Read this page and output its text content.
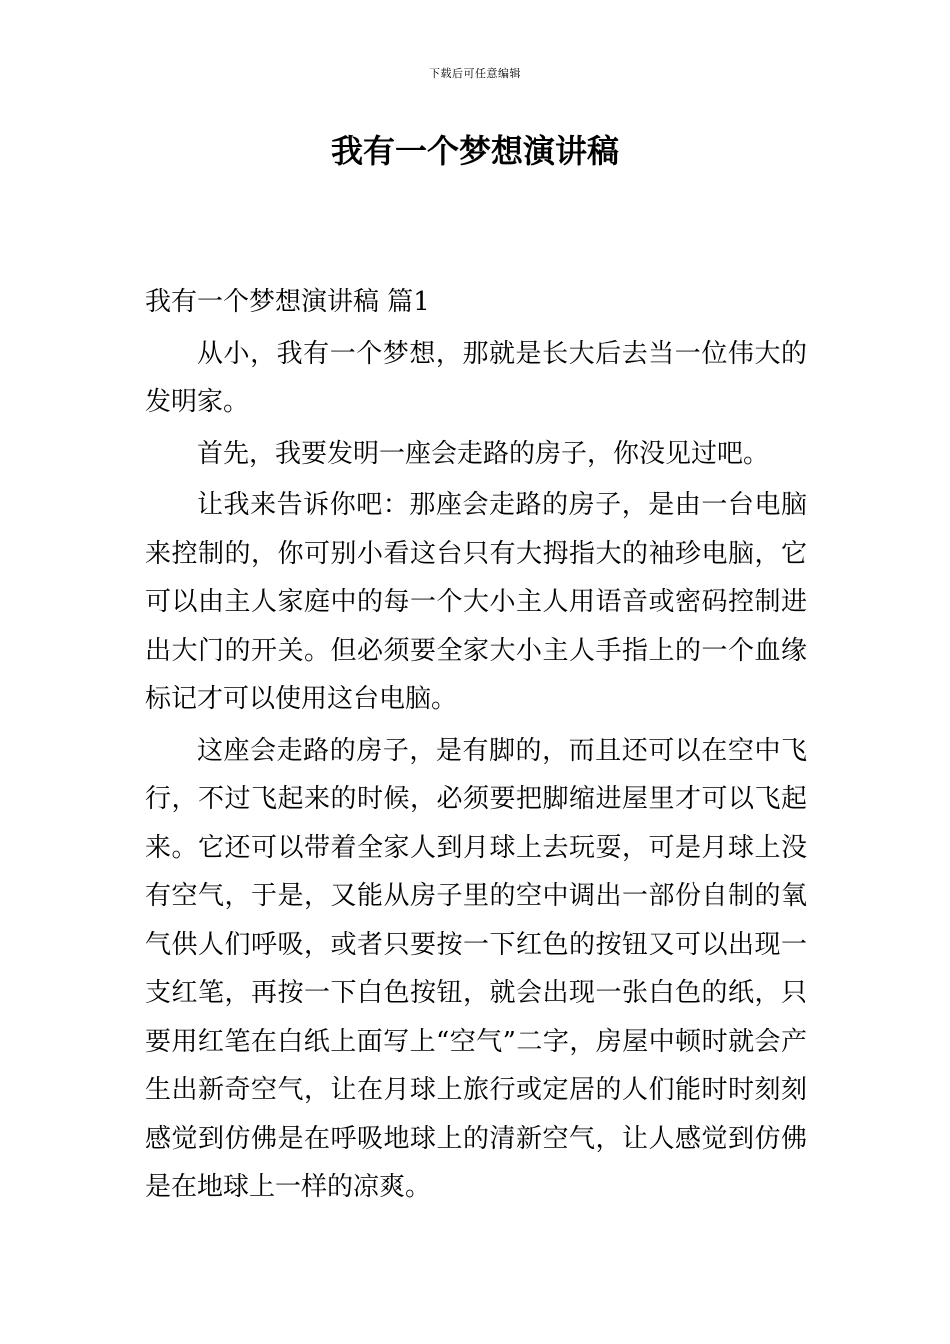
下载后可任意编辑
我有一个梦想演讲稿

我有一个梦想演讲稿 篇1

从小，我有一个梦想，那就是长大后去当一位伟大的发明家。

首先，我要发明一座会走路的房子，你没见过吧。

让我来告诉你吧：那座会走路的房子，是由一台电脑来控制的，你可别小看这台只有大拇指大的袖珍电脑，它可以由主人家庭中的每一个大小主人用语音或密码控制进出大门的开关。但必须要全家大小主人手指上的一个血缘标记才可以使用这台电脑。

这座会走路的房子，是有脚的，而且还可以在空中飞行，不过飞起来的时候，必须要把脚缩进屋里才可以飞起来。它还可以带着全家人到月球上去玩耍，可是月球上没有空气，于是，又能从房子里的空中调出一部份自制的氧气供人们呼吸，或者只要按一下红色的按钮又可以出现一支红笔，再按一下白色按钮，就会出现一张白色的纸，只要用红笔在白纸上面写上“空气”二字，房屋中顿时就会产生出新奇空气，让在月球上旅行或定居的人们能时时刻刻感觉到仿佛是在呼吸地球上的清新空气，让人感觉到仿佛是在地球上一样的凉爽。
